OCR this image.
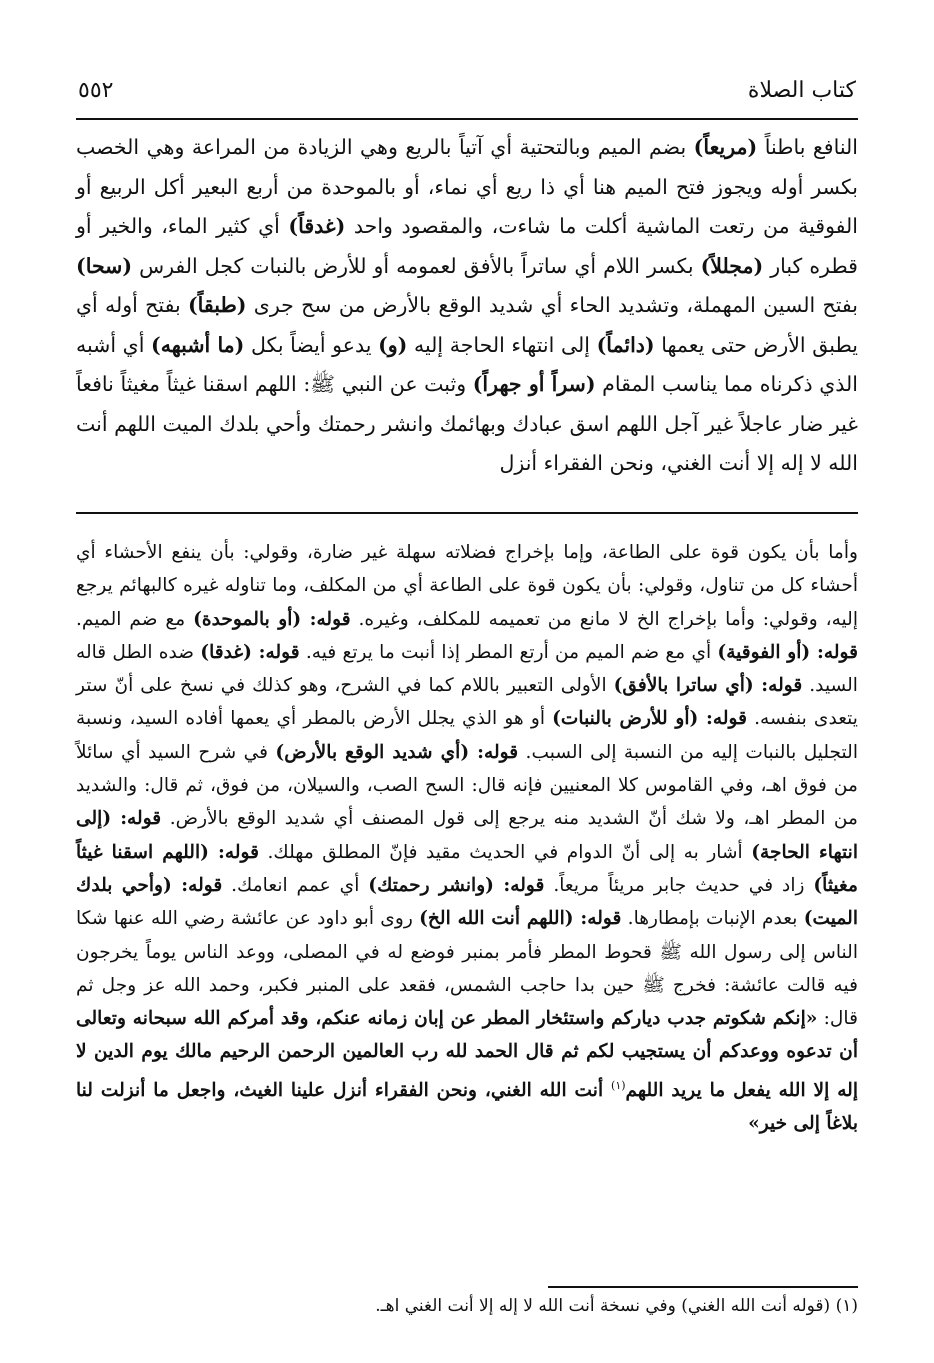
كتاب الصلاة
٥٥٢

النافع باطناً (مريعاً) بضم الميم وبالتحتية أي آتياً بالريع وهي الزيادة من المراعة وهي الخصب بكسر أوله ويجوز فتح الميم هنا أي ذا ريع أي نماء، أو بالموحدة من أربع البعير أكل الربيع أو الفوقية من رتعت الماشية أكلت ما شاءت، والمقصود واحد (غدقاً) أي كثير الماء، والخير أو قطره كبار (مجللاً) بكسر اللام أي ساتراً بالأفق لعمومه أو للأرض بالنبات كجل الفرس (سحا) بفتح السين المهملة، وتشديد الحاء أي شديد الوقع بالأرض من سح جرى (طبقاً) بفتح أوله أي يطبق الأرض حتى يعمها (دائماً) إلى انتهاء الحاجة إليه (و) يدعو أيضاً بكل (ما أشبهه) أي أشبه الذي ذكرناه مما يناسب المقام (سراً أو جهراً) وثبت عن النبي ﷺ: اللهم اسقنا غيثاً مغيثاً نافعاً غير ضار عاجلاً غير آجل اللهم اسق عبادك وبهائمك وانشر رحمتك وأحي بلدك الميت اللهم أنت الله لا إله إلا أنت الغني، ونحن الفقراء أنزل

وأما بأن يكون قوة على الطاعة، وإما بإخراج فضلاته سهلة غير ضارة، وقولي: بأن ينفع الأحشاء أي أحشاء كل من تناول، وقولي: بأن يكون قوة على الطاعة أي من المكلف، وما تناوله غيره كالبهائم يرجع إليه، وقولي: وأما بإخراج الخ لا مانع من تعميمه للمكلف، وغيره. قوله: (أو بالموحدة) مع ضم الميم. قوله: (أو الفوقية) أي مع ضم الميم من أرتع المطر إذا أنبت ما يرتع فيه. قوله: (غدقا) ضده الطل قاله السيد. قوله: (أي ساترا بالأفق) الأولى التعبير باللام كما في الشرح، وهو كذلك في نسخ على أنّ ستر يتعدى بنفسه. قوله: (أو للأرض بالنبات) أو هو الذي يجلل الأرض بالمطر أي يعمها أفاده السيد، ونسبة التجليل بالنبات إليه من النسبة إلى السبب. قوله: (أي شديد الوقع بالأرض) في شرح السيد أي سائلاً من فوق اهـ، وفي القاموس كلا المعنيين فإنه قال: السح الصب، والسيلان، من فوق، ثم قال: والشديد من المطر اهـ، ولا شك أنّ الشديد منه يرجع إلى قول المصنف أي شديد الوقع بالأرض. قوله: (إلى انتهاء الحاجة) أشار به إلى أنّ الدوام في الحديث مقيد فإنّ المطلق مهلك. قوله: (اللهم اسقنا غيثاً مغيثاً) زاد في حديث جابر مريئاً مريعاً. قوله: (وانشر رحمتك) أي عمم انعامك. قوله: (وأحي بلدك الميت) بعدم الإنبات بإمطارها. قوله: (اللهم أنت الله الخ) روى أبو داود عن عائشة رضي الله عنها شكا الناس إلى رسول الله ﷺ قحوط المطر فأمر بمنبر فوضع له في المصلى، ووعد الناس يوماً يخرجون فيه قالت عائشة: فخرج ﷺ حين بدا حاجب الشمس، فقعد على المنبر فكبر، وحمد الله عز وجل ثم قال: «إنكم شكوتم جدب دياركم واستئخار المطر عن إبان زمانه عنكم، وقد أمركم الله سبحانه وتعالى أن تدعوه ووعدكم أن يستجيب لكم ثم قال الحمد لله رب العالمين الرحمن الرحيم مالك يوم الدين لا إله إلا الله يفعل ما يريد اللهم$^{(١)}$ أنت الله الغني، ونحن الفقراء أنزل علينا الغيث، واجعل ما أنزلت لنا بلاغاً إلى خير»

(١) (قوله أنت الله الغني) وفي نسخة أنت الله لا إله إلا أنت الغني اهـ.
